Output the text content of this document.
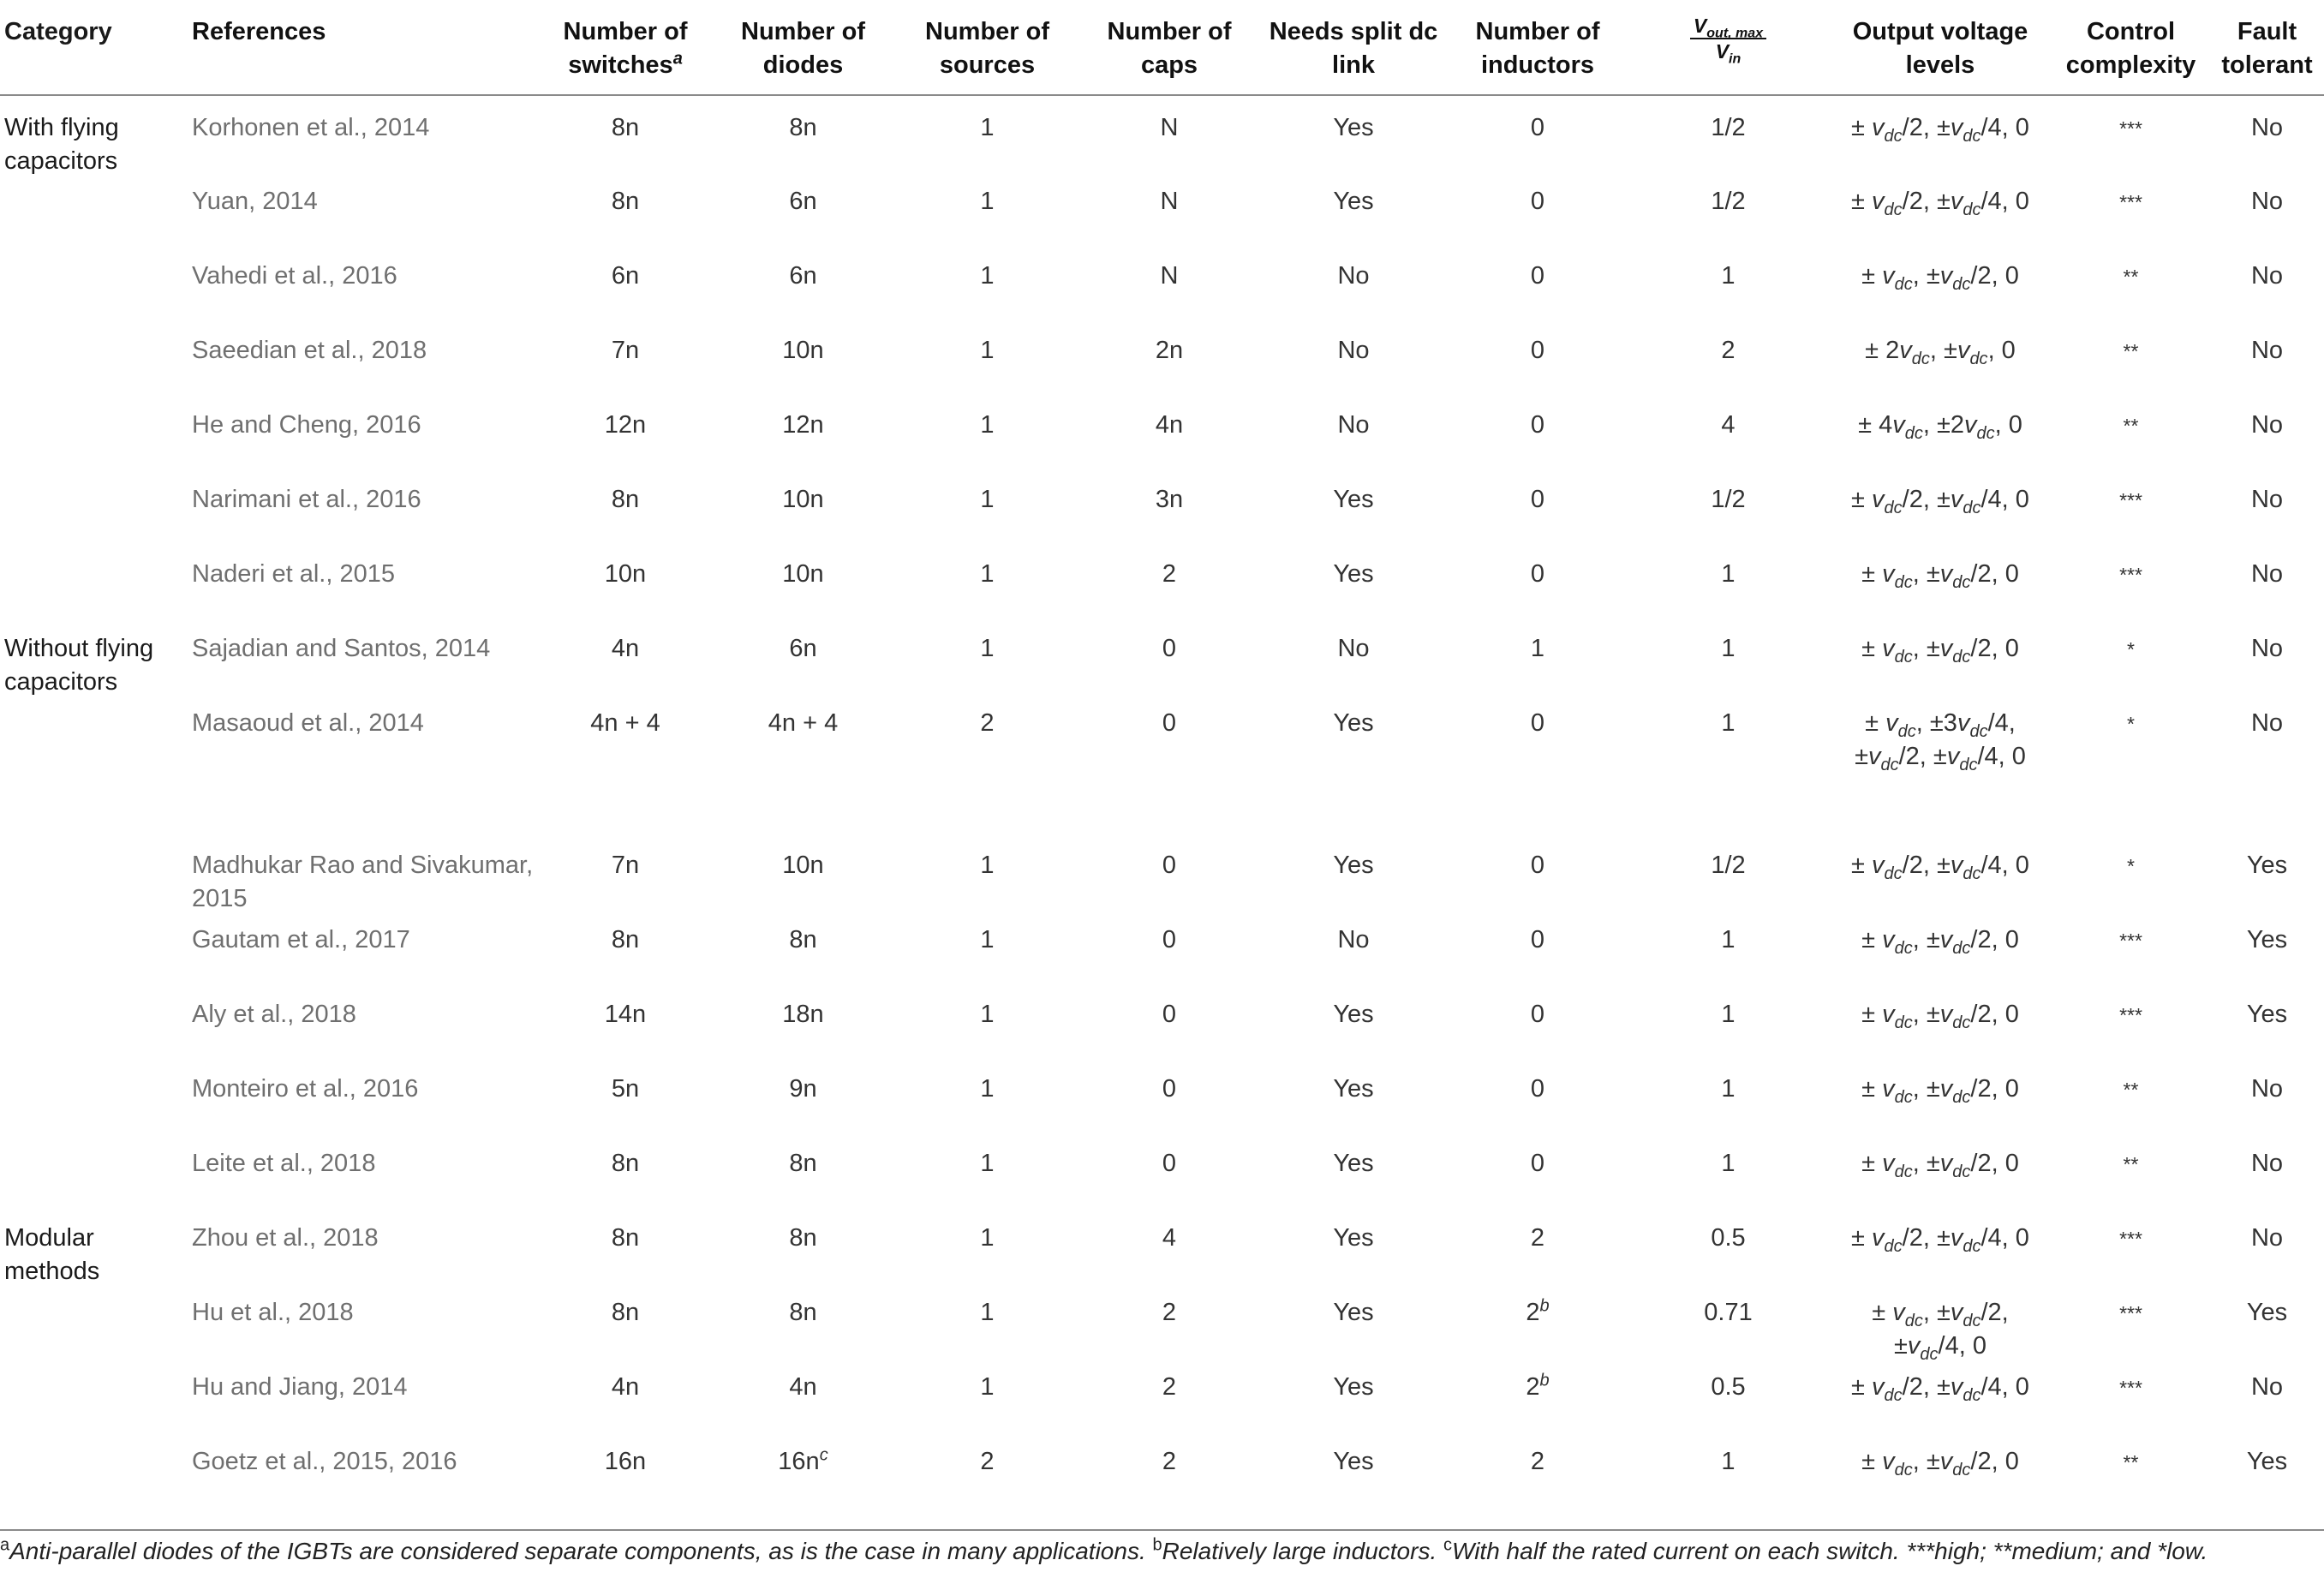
Category	References	Number of switches$^a$	Number of diodes	Number of sources	Number of caps	Needs split dc link	Number of inductors	$\frac{V_{out, max}}{V_{in}}$	Output voltage levels	Control complexity	Fault tolerant
With flying capacitors	Korhonen et al., 2014	8n	8n	1	N	Yes	0	1/2	± $v_{dc}/2$, $\pm v_{dc}/4$, 0	***	No
	Yuan, 2014	8n	6n	1	N	Yes	0	1/2	± $v_{dc}/2$, $\pm v_{dc}/4$, 0	***	No
	Vahedi et al., 2016	6n	6n	1	N	No	0	1	± $v_{dc}$, $\pm v_{dc}/2$, 0	**	No
	Saeedian et al., 2018	7n	10n	1	2n	No	0	2	± $2v_{dc}$, $\pm v_{dc}$, 0	**	No
	He and Cheng, 2016	12n	12n	1	4n	No	0	4	± $4v_{dc}$, $\pm 2v_{dc}$, 0	**	No
	Narimani et al., 2016	8n	10n	1	3n	Yes	0	1/2	± $v_{dc}/2$, $\pm v_{dc}/4$, 0	***	No
	Naderi et al., 2015	10n	10n	1	2	Yes	0	1	± $v_{dc}$, $\pm v_{dc}/2$, 0	***	No
Without flying capacitors	Sajadian and Santos, 2014	4n	6n	1	0	No	1	1	± $v_{dc}$, $\pm v_{dc}/2$, 0	*	No
	Masaoud et al., 2014	4n + 4	4n + 4	2	0	Yes	0	1	± $v_{dc}$, $\pm 3v_{dc}/4$, $\pm v_{dc}/2$, $\pm v_{dc}/4$, 0	*	No
	Madhukar Rao and Sivakumar, 2015	7n	10n	1	0	Yes	0	1/2	± $v_{dc}/2$, $\pm v_{dc}/4$, 0	*	Yes
	Gautam et al., 2017	8n	8n	1	0	No	0	1	± $v_{dc}$, $\pm v_{dc}/2$, 0	***	Yes
	Aly et al., 2018	14n	18n	1	0	Yes	0	1	± $v_{dc}$, $\pm v_{dc}/2$, 0	***	Yes
	Monteiro et al., 2016	5n	9n	1	0	Yes	0	1	± $v_{dc}$, $\pm v_{dc}/2$, 0	**	No
	Leite et al., 2018	8n	8n	1	0	Yes	0	1	± $v_{dc}$, $\pm v_{dc}/2$, 0	**	No
Modular methods	Zhou et al., 2018	8n	8n	1	4	Yes	2	0.5	± $v_{dc}/2$, $\pm v_{dc}/4$, 0	***	No
	Hu et al., 2018	8n	8n	1	2	Yes	2$^b$	0.71	± $v_{dc}$, $\pm v_{dc}/2$, $\pm v_{dc}/4$, 0	***	Yes
	Hu and Jiang, 2014	4n	4n	1	2	Yes	2$^b$	0.5	± $v_{dc}/2$, $\pm v_{dc}/4$, 0	***	No
	Goetz et al., 2015, 2016	16n	$16n^c$	2	2	Yes	2	1	± $v_{dc}$, $\pm v_{dc}/2$, 0	**	Yes
$^a$Anti-parallel diodes of the IGBTs are considered separate components, as is the case in many applications. $^b$Relatively large inductors. $^c$With half the rated current on each switch. ***high; **medium; and *low.
